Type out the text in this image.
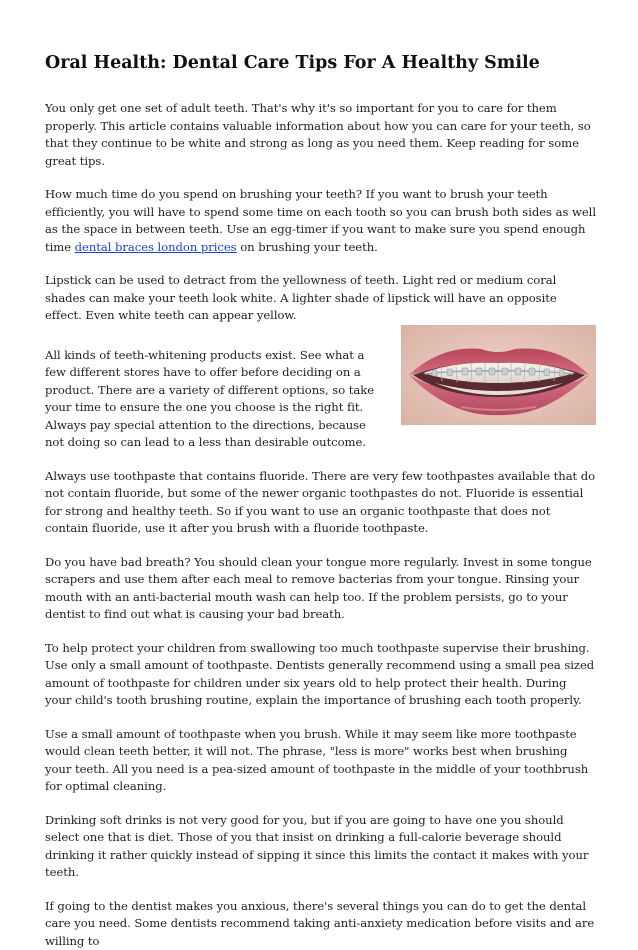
Oral Health: Dental Care Tips For A Healthy Smile

You only get one set of adult teeth. That's why it's so important for you to care for them properly. This article contains valuable information about how you can care for your teeth, so that they continue to be white and strong as long as you need them. Keep reading for some great tips.

How much time do you spend on brushing your teeth? If you want to brush your teeth efficiently, you will have to spend some time on each tooth so you can brush both sides as well as the space in between teeth. Use an egg-timer if you want to make sure you spend enough time dental braces london prices on brushing your teeth.

Lipstick can be used to detract from the yellowness of teeth. Light red or medium coral shades can make your teeth look white. A lighter shade of lipstick will have an opposite effect. Even white teeth can appear yellow.

All kinds of teeth-whitening products exist. See what a few different stores have to offer before deciding on a product. There are a variety of different options, so take your time to ensure the one you choose is the right fit. Always pay special attention to the directions, because not doing so can lead to a less than desirable outcome.

Always use toothpaste that contains fluoride. There are very few toothpastes available that do not contain fluoride, but some of the newer organic toothpastes do not. Fluoride is essential for strong and healthy teeth. So if you want to use an organic toothpaste that does not contain fluoride, use it after you brush with a fluoride toothpaste.

Do you have bad breath? You should clean your tongue more regularly. Invest in some tongue scrapers and use them after each meal to remove bacterias from your tongue. Rinsing your mouth with an anti-bacterial mouth wash can help too. If the problem persists, go to your dentist to find out what is causing your bad breath.

To help protect your children from swallowing too much toothpaste supervise their brushing. Use only a small amount of toothpaste. Dentists generally recommend using a small pea sized amount of toothpaste for children under six years old to help protect their health. During your child's tooth brushing routine, explain the importance of brushing each tooth properly.

Use a small amount of toothpaste when you brush. While it may seem like more toothpaste would clean teeth better, it will not. The phrase, "less is more" works best when brushing your teeth. All you need is a pea-sized amount of toothpaste in the middle of your toothbrush for optimal cleaning.

Drinking soft drinks is not very good for you, but if you are going to have one you should select one that is diet. Those of you that insist on drinking a full-calorie beverage should drinking it rather quickly instead of sipping it since this limits the contact it makes with your teeth.

If going to the dentist makes you anxious, there's several things you can do to get the dental care you need. Some dentists recommend taking anti-anxiety medication before visits and are willing to
